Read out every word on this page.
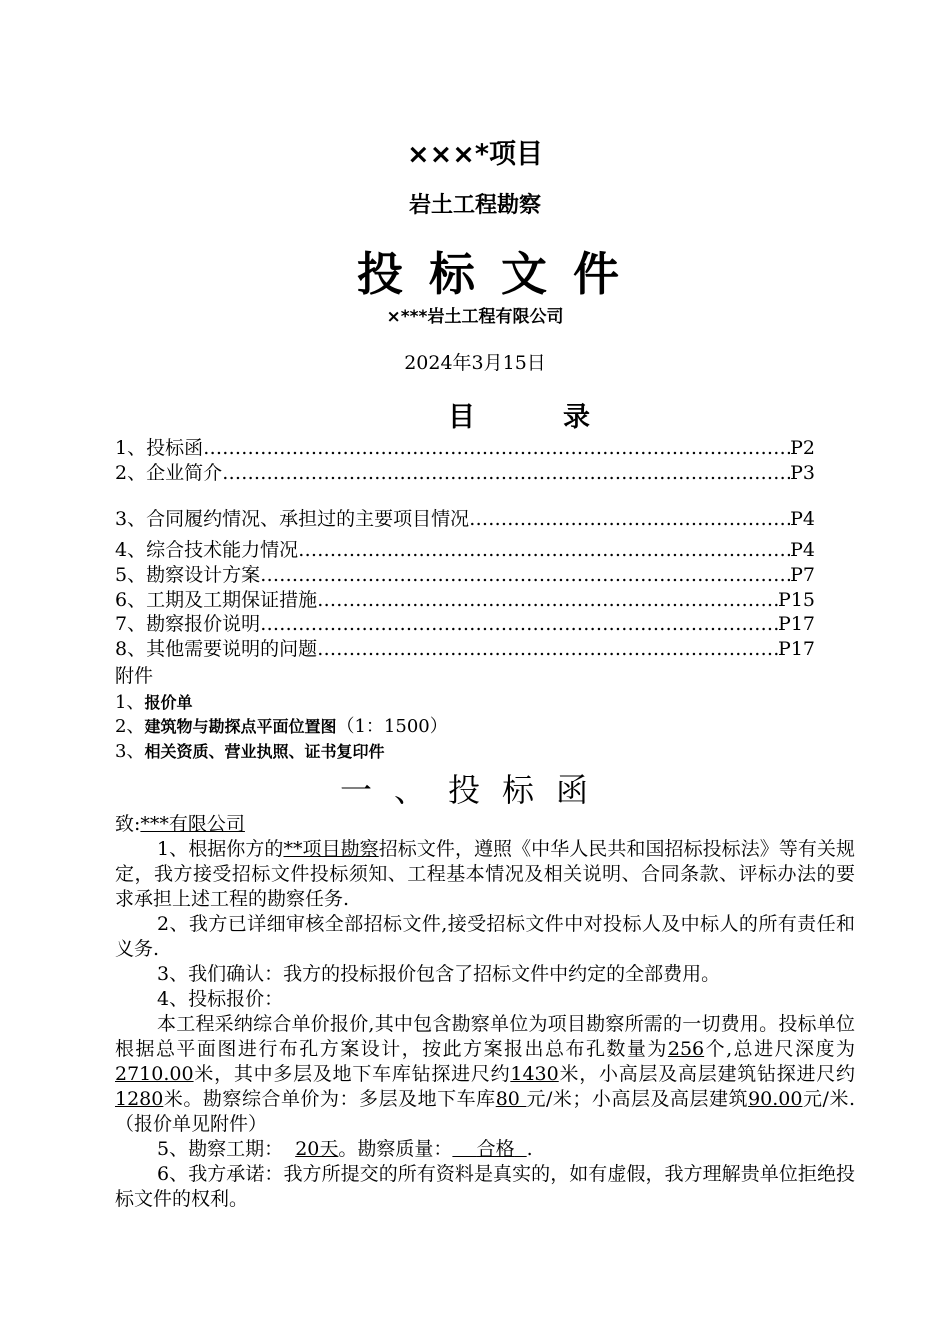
×××*项目
岩土工程勘察
投标文件
×***岩土工程有限公司
2024年3月15日
目录
1、投标函 ……………………………………………………………………………………………………………………………………………………………………………………………………………………	P2
2、企业简介 ……………………………………………………………………………………………………………………………………………………………………………………………………………………	P3
3、合同履约情况、承担过的主要项目情况 ……………………………………………………………………………………………………………………………………………………………………………………………………………………	P4
4、综合技术能力情况 ……………………………………………………………………………………………………………………………………………………………………………………………………………………	P4
5、勘察设计方案 ……………………………………………………………………………………………………………………………………………………………………………………………………………………	P7
6、工期及工期保证措施 ……………………………………………………………………………………………………………………………………………………………………………………………………………………	P15
7、勘察报价说明 ……………………………………………………………………………………………………………………………………………………………………………………………………………………	P17
8、其他需要说明的问题 ……………………………………………………………………………………………………………………………………………………………………………………………………………………	P17
附件
1、报价单
2、建筑物与勘探点平面位置图（1：1500）
3、相关资质、营业执照、证书复印件
一、投标函

致:***有限公司

1、根据你方的**项目勘察招标文件，遵照《中华人民共和国招标投标法》等有关规定，我方接受招标文件投标须知、工程基本情况及相关说明、合同条款、评标办法的要求承担上述工程的勘察任务.

2、我方已详细审核全部招标文件,接受招标文件中对投标人及中标人的所有责任和义务.

3、我们确认：我方的投标报价包含了招标文件中约定的全部费用。

4、投标报价：

本工程采纳综合单价报价,其中包含勘察单位为项目勘察所需的一切费用。投标单位根据总平面图进行布孔方案设计，按此方案报出总布孔数量为256个,总进尺深度为2710.00米，其中多层及地下车库钻探进尺约1430米，小高层及高层建筑钻探进尺约1280米。勘察综合单价为：多层及地下车库80 元/米；小高层及高层建筑90.00元/米.（报价单见附件）

5、勘察工期： 20天。勘察质量： 合格 .

6、我方承诺：我方所提交的所有资料是真实的，如有虚假，我方理解贵单位拒绝投标文件的权利。
